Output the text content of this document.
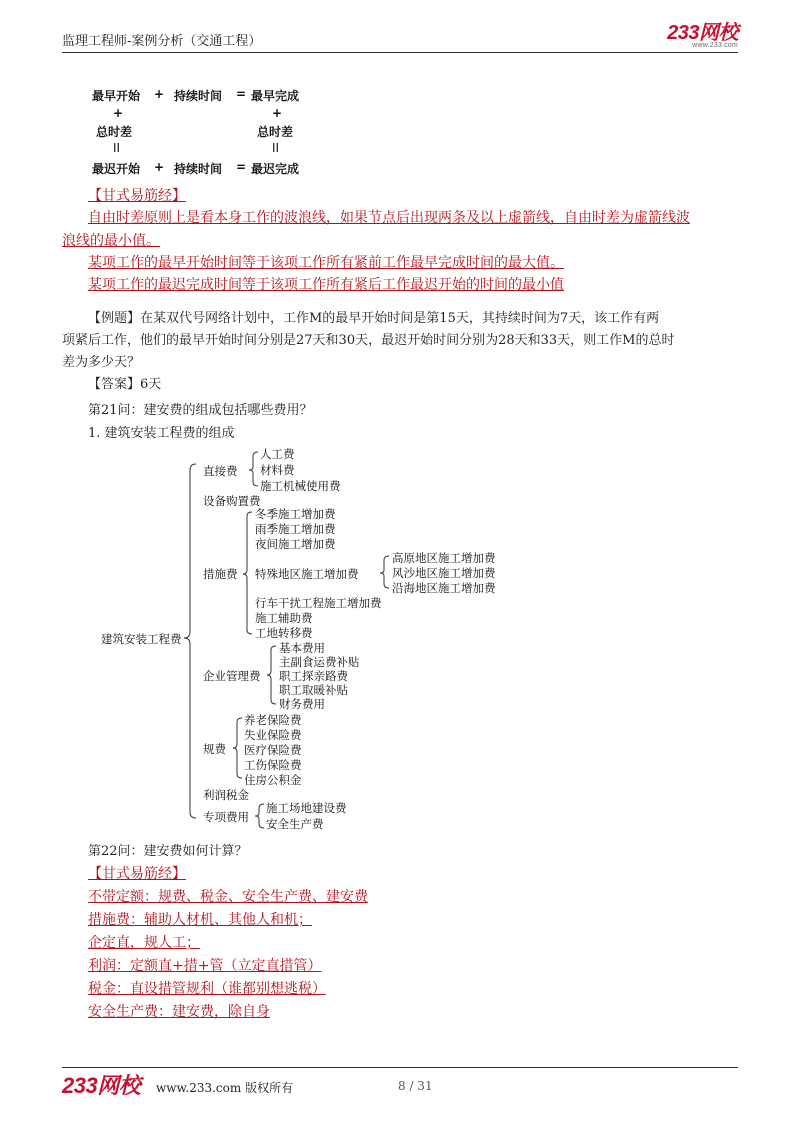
监理工程师-案例分析（交通工程）	233网校
www.233.com
最早开始 + 持续时间 = 最早完成
+	+
总时差	总时差
II	II
最迟开始 + 持续时间 = 最迟完成
【甘式易筋经】
自由时差原则上是看本身工作的波浪线，如果节点后出现两条及以上虚箭线，自由时差为虚箭线波
浪线的最小值。
某项工作的最早开始时间等于该项工作所有紧前工作最早完成时间的最大值。
某项工作的最迟完成时间等于该项工作所有紧后工作最迟开始的时间的最小值
【例题】在某双代号网络计划中，工作M的最早开始时间是第15天，其持续时间为7天，该工作有两
项紧后工作，他们的最早开始时间分别是27天和30天，最迟开始时间分别为28天和33天，则工作M的总时
差为多少天？
【答案】6天
第21问：建安费的组成包括哪些费用？
1. 建筑安装工程费的组成
建筑安装工程费
直接费
人工费
材料费
施工机械使用费
设备购置费
措施费
冬季施工增加费
雨季施工增加费
夜间施工增加费
特殊地区施工增加费
高原地区施工增加费
风沙地区施工增加费
沿海地区施工增加费
行车干扰工程施工增加费
施工辅助费
工地转移费
企业管理费
基本费用
主副食运费补贴
职工探亲路费
职工取暖补贴
财务费用
规费
养老保险费
失业保险费
医疗保险费
工伤保险费
住房公积金
利润税金
专项费用
施工场地建设费
安全生产费
第22问：建安费如何计算？
【甘式易筋经】
不带定额：规费、税金、安全生产费、建安费
措施费：辅助人材机、其他人和机；
企定直，规人工；
利润：定额直+措+管（立定直措管）
税金：直设措管规利（谁都别想逃税）
安全生产费：建安费，除自身
233网校 www.233.com 版权所有	8 / 31
